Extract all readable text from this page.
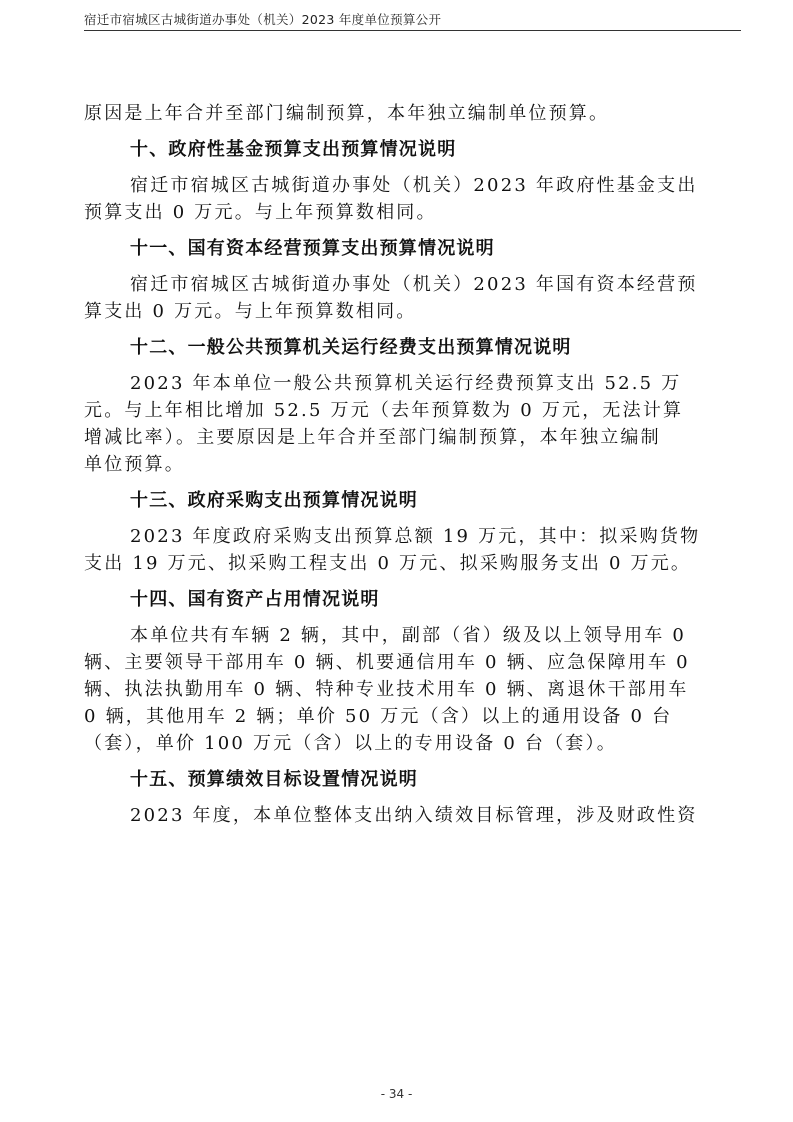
宿迁市宿城区古城街道办事处（机关）2023 年度单位预算公开
原因是上年合并至部门编制预算，本年独立编制单位预算。
十、政府性基金预算支出预算情况说明
宿迁市宿城区古城街道办事处（机关）2023 年政府性基金支出
预算支出 0 万元。与上年预算数相同。
十一、国有资本经营预算支出预算情况说明
宿迁市宿城区古城街道办事处（机关）2023 年国有资本经营预
算支出 0 万元。与上年预算数相同。
十二、一般公共预算机关运行经费支出预算情况说明
2023 年本单位一般公共预算机关运行经费预算支出 52.5 万
元。与上年相比增加 52.5 万元（去年预算数为 0 万元，无法计算
增减比率）。主要原因是上年合并至部门编制预算，本年独立编制
单位预算。
十三、政府采购支出预算情况说明
2023 年度政府采购支出预算总额 19 万元，其中：拟采购货物
支出 19 万元、拟采购工程支出 0 万元、拟采购服务支出 0 万元。
十四、国有资产占用情况说明
本单位共有车辆 2 辆，其中，副部（省）级及以上领导用车 0
辆、主要领导干部用车 0 辆、机要通信用车 0 辆、应急保障用车 0
辆、执法执勤用车 0 辆、特种专业技术用车 0 辆、离退休干部用车
0 辆，其他用车 2 辆；单价 50 万元（含）以上的通用设备 0 台
（套），单价 100 万元（含）以上的专用设备 0 台（套）。
十五、预算绩效目标设置情况说明
2023 年度，本单位整体支出纳入绩效目标管理，涉及财政性资
- 34 -
